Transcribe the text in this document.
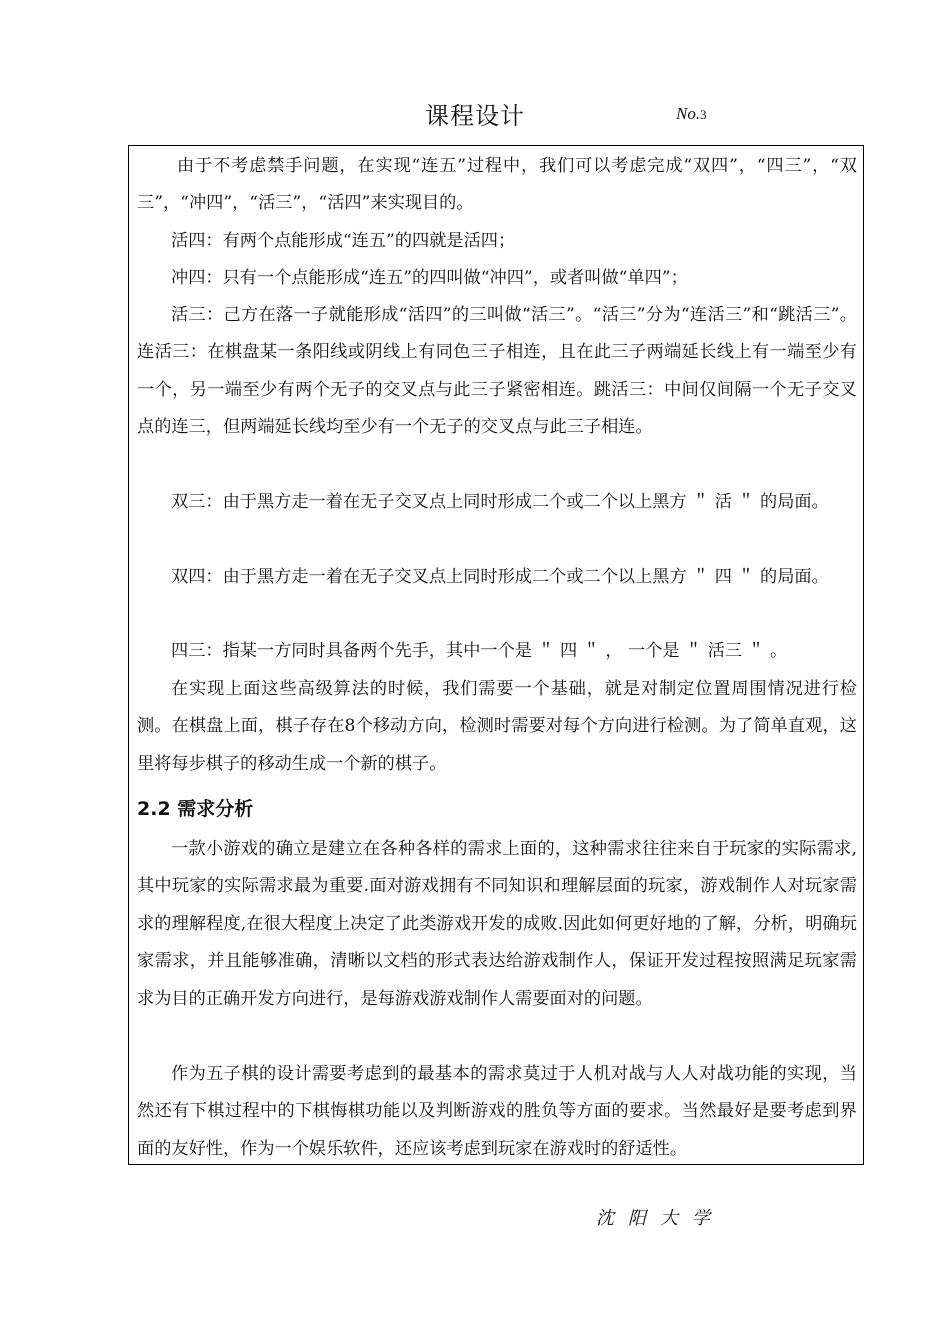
课程设计	No.3

由于不考虑禁手问题，在实现“连五”过程中，我们可以考虑完成“双四”，“四三”，“双三”，“冲四”，“活三”，“活四”来实现目的。

活四：有两个点能形成“连五”的四就是活四；

冲四：只有一个点能形成“连五”的四叫做“冲四”，或者叫做“单四”；

活三：己方在落一子就能形成“活四”的三叫做“活三”。“活三”分为“连活三”和“跳活三”。连活三：在棋盘某一条阳线或阴线上有同色三子相连，且在此三子两端延长线上有一端至少有一个，另一端至少有两个无子的交叉点与此三子紧密相连。跳活三：中间仅间隔一个无子交叉点的连三，但两端延长线均至少有一个无子的交叉点与此三子相连。

双三：由于黑方走一着在无子交叉点上同时形成二个或二个以上黑方 ＂ 活 ＂ 的局面。

双四：由于黑方走一着在无子交叉点上同时形成二个或二个以上黑方 ＂ 四 ＂ 的局面。

四三：指某一方同时具备两个先手，其中一个是 ＂ 四 ＂ ， 一个是 ＂ 活三 ＂ 。

在实现上面这些高级算法的时候，我们需要一个基础，就是对制定位置周围情况进行检测。在棋盘上面，棋子存在8个移动方向，检测时需要对每个方向进行检测。为了简单直观，这里将每步棋子的移动生成一个新的棋子。

2.2 需求分析

一款小游戏的确立是建立在各种各样的需求上面的，这种需求往往来自于玩家的实际需求,其中玩家的实际需求最为重要.面对游戏拥有不同知识和理解层面的玩家，游戏制作人对玩家需求的理解程度,在很大程度上决定了此类游戏开发的成败.因此如何更好地的了解，分析，明确玩家需求，并且能够准确，清晰以文档的形式表达给游戏制作人，保证开发过程按照满足玩家需求为目的正确开发方向进行，是每游戏游戏制作人需要面对的问题。

作为五子棋的设计需要考虑到的最基本的需求莫过于人机对战与人人对战功能的实现，当然还有下棋过程中的下棋悔棋功能以及判断游戏的胜负等方面的要求。当然最好是要考虑到界面的友好性，作为一个娱乐软件，还应该考虑到玩家在游戏时的舒适性。

沈阳大学
